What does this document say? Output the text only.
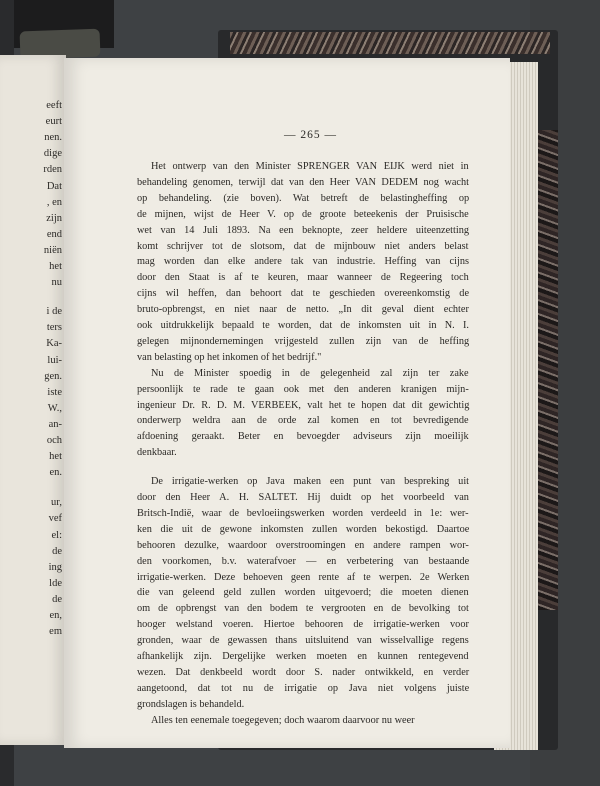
eeft
eurt
nen.
dige
rden
Dat
, en
zijn
end
niën
het
nu
i de
ters
Ka-
lui-
gen.
iste
W.,
an-
och
het
en.
ur,
vef
el:
de
ing
lde
de
en,
em
— 265 —
Het ontwerp van den Minister SPRENGER VAN EIJK werd niet in
behandeling genomen, terwijl dat van den Heer VAN DEDEM nog wacht
op behandeling. (zie boven). Wat betreft de belastingheffing op
de mijnen, wijst de Heer V. op de groote beteekenis der Pruisische
wet van 14 Juli 1893. Na een beknopte, zeer heldere uiteenzetting
komt schrijver tot de slotsom, dat de mijnbouw niet anders belast
mag worden dan elke andere tak van industrie. Heffing van cijns
door den Staat is af te keuren, maar wanneer de Regeering toch
cijns wil heffen, dan behoort dat te geschieden overeenkomstig de
bruto-opbrengst, en niet naar de netto. „In dit geval dient echter
ook uitdrukkelijk bepaald te worden, dat de inkomsten uit in N. I.
gelegen mijnondernemingen vrijgesteld zullen zijn van de heffing
van belasting op het inkomen of het bedrijf."
Nu de Minister spoedig in de gelegenheid zal zijn ter zake
persoonlijk te rade te gaan ook met den anderen kranigen mijn-
ingenieur Dr. R. D. M. VERBEEK, valt het te hopen dat dit gewichtig
onderwerp weldra aan de orde zal komen en tot bevredigende
afdoening geraakt. Beter en bevoegder adviseurs zijn moeilijk
denkbaar.
De irrigatie-werken op Java maken een punt van bespreking uit
door den Heer A. H. SALTET. Hij duidt op het voorbeeld van
Britsch-Indië, waar de bevloeiingswerken worden verdeeld in 1e: wer-
ken die uit de gewone inkomsten zullen worden bekostigd. Daartoe
behooren dezulke, waardoor overstroomingen en andere rampen wor-
den voorkomen, b.v. waterafvoer — en verbetering van bestaande
irrigatie-werken. Deze behoeven geen rente af te werpen. 2e Werken
die van geleend geld zullen worden uitgevoerd; die moeten dienen
om de opbrengst van den bodem te vergrooten en de bevolking tot
hooger welstand voeren. Hiertoe behooren de irrigatie-werken voor
gronden, waar de gewassen thans uitsluitend van wisselvallige regens
afhankelijk zijn. Dergelijke werken moeten en kunnen rentegevend
wezen. Dat denkbeeld wordt door S. nader ontwikkeld, en verder
aangetoond, dat tot nu de irrigatie op Java niet volgens juiste
grondslagen is behandeld.
Alles ten eenemale toegegeven; doch waarom daarvoor nu weer
